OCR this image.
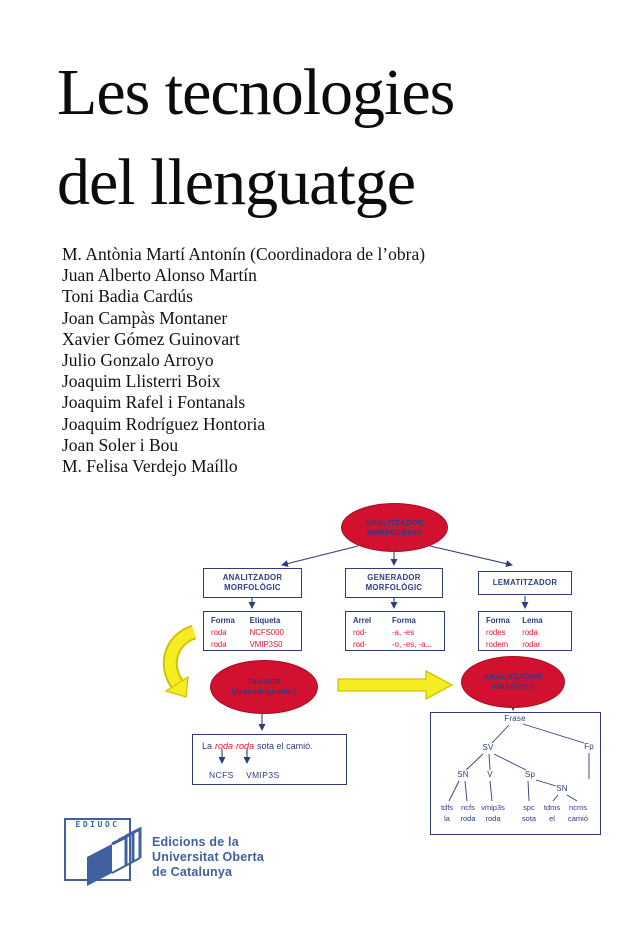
Les tecnologies
del llenguatge
M. Antònia Martí Antonín (Coordinadora de l’obra)
Juan Alberto Alonso Martín
Toni Badia Cardús
Joan Campàs Montaner
Xavier Gómez Guinovart
Julio Gonzalo Arroyo
Joaquim Llisterri Boix
Joaquim Rafel i Fontanals
Joaquim Rodríguez Hontoria
Joan Soler i Bou
M. Felisa Verdejo Maíllo
ANALITZADOR
MORFOLÒGIC
ANALITZADOR
MORFOLÒGIC
GENERADOR
MORFOLÒGIC
LEMATITZADOR
Forma	Etiqueta
roda	NCFS000
roda	VMIP3S0
Arrel	Forma
rod-	-a, -es
rod-	-o, -es, -a...
Forma	Lema
rodes	roda
rodem	rodar
TAGGER
(desambiguador)
ANALITZADOR
SINTÀCTIC
La roda roda sota el camió.
NCFS VMIP3S
Frase
SV	Fp
SN V	Sp
SN
tdfs
la
ncfs
roda
vmip3s
roda
spc
sota
tdms
el
ncms
camió
EDIUOC
Edicions de la
Universitat Oberta
de Catalunya
